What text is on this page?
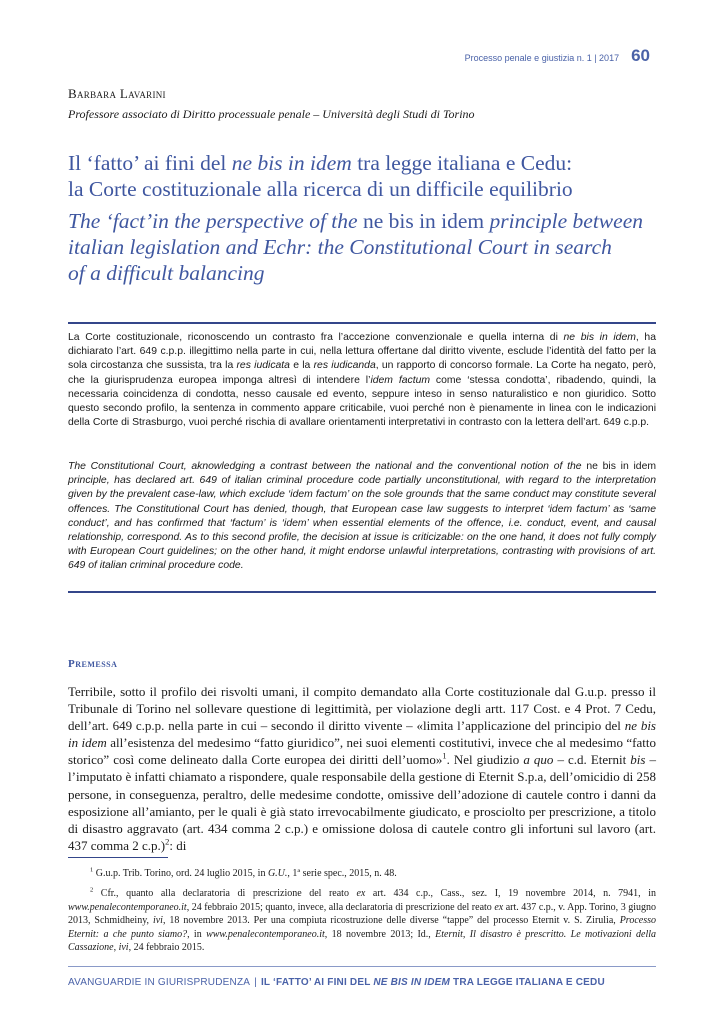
Processo penale e giustizia n. 1 | 2017 60
Barbara Lavarini
Professore associato di Diritto processuale penale – Università degli Studi di Torino
Il ‘fatto’ ai fini del ne bis in idem tra legge italiana e Cedu:
la Corte costituzionale alla ricerca di un difficile equilibrio
The ‘fact’in the perspective of the ne bis in idem principle between
italian legislation and Echr: the Constitutional Court in search
of a difficult balancing
La Corte costituzionale, riconoscendo un contrasto fra l’accezione convenzionale e quella interna di ne bis in idem, ha dichiarato l’art. 649 c.p.p. illegittimo nella parte in cui, nella lettura offertane dal diritto vivente, esclude l’identità del fatto per la sola circostanza che sussista, tra la res iudicata e la res iudicanda, un rapporto di concorso formale. La Corte ha negato, però, che la giurisprudenza europea imponga altresì di intendere l’idem factum come ‘stessa condotta’, ribadendo, quindi, la necessaria coincidenza di condotta, nesso causale ed evento, seppure inteso in senso naturalistico e non giuridico. Sotto questo secondo profilo, la sentenza in commento appare criticabile, vuoi perché non è pienamente in linea con le indicazioni della Corte di Strasburgo, vuoi perché rischia di avallare orientamenti interpretativi in contrasto con la lettera dell’art. 649 c.p.p.
The Constitutional Court, aknowledging a contrast between the national and the conventional notion of the ne bis in idem principle, has declared art. 649 of italian criminal procedure code partially unconstitutional, with regard to the interpretation given by the prevalent case-law, which exclude ‘idem factum’ on the sole grounds that the same conduct may constitute several offences. The Constitutional Court has denied, though, that European case law suggests to interpret ‘idem factum’ as ‘same conduct’, and has confirmed that ‘factum’ is ‘idem’ when essential elements of the offence, i.e. conduct, event, and causal relationship, correspond. As to this second profile, the decision at issue is criticizable: on the one hand, it does not fully comply with European Court guidelines; on the other hand, it might endorse unlawful interpretations, contrasting with provisions of art. 649 of italian criminal procedure code.
Premessa
Terribile, sotto il profilo dei risvolti umani, il compito demandato alla Corte costituzionale dal G.u.p. presso il Tribunale di Torino nel sollevare questione di legittimità, per violazione degli artt. 117 Cost. e 4 Prot. 7 Cedu, dell’art. 649 c.p.p. nella parte in cui – secondo il diritto vivente – «limita l’applicazione del principio del ne bis in idem all’esistenza del medesimo “fatto giuridico”, nei suoi elementi costitutivi, invece che al medesimo “fatto storico” così come delineato dalla Corte europea dei diritti dell’uomo»$^1$. Nel giudizio a quo – c.d. Eternit bis – l’imputato è infatti chiamato a rispondere, quale responsabile della gestione di Eternit S.p.a, dell’omicidio di 258 persone, in conseguenza, peraltro, delle medesime condotte, omissive dell’adozione di cautele contro i danni da esposizione all’amianto, per le quali è già stato irrevocabilmente giudicato, e prosciolto per prescrizione, a titolo di disastro aggravato (art. 434 comma 2 c.p.) e omissione dolosa di cautele contro gli infortuni sul lavoro (art. 437 comma 2 c.p.)$^2$: di
$^1$ G.u.p. Trib. Torino, ord. 24 luglio 2015, in G.U., 1ª serie spec., 2015, n. 48.
$^2$ Cfr., quanto alla declaratoria di prescrizione del reato ex art. 434 c.p., Cass., sez. I, 19 novembre 2014, n. 7941, in www.penalecontemporaneo.it, 24 febbraio 2015; quanto, invece, alla declaratoria di prescrizione del reato ex art. 437 c.p., v. App. Torino, 3 giugno 2013, Schmidheiny, ivi, 18 novembre 2013. Per una compiuta ricostruzione delle diverse “tappe” del processo Eternit v. S. Zirulia, Processo Eternit: a che punto siamo?, in www.penalecontemporaneo.it, 18 novembre 2013; Id., Eternit, Il disastro è prescritto. Le motivazioni della Cassazione, ivi, 24 febbraio 2015.
AVANGUARDIE IN GIURISPRUDENZA | IL ‘FATTO’ AI FINI DEL NE BIS IN IDEM TRA LEGGE ITALIANA E CEDU
